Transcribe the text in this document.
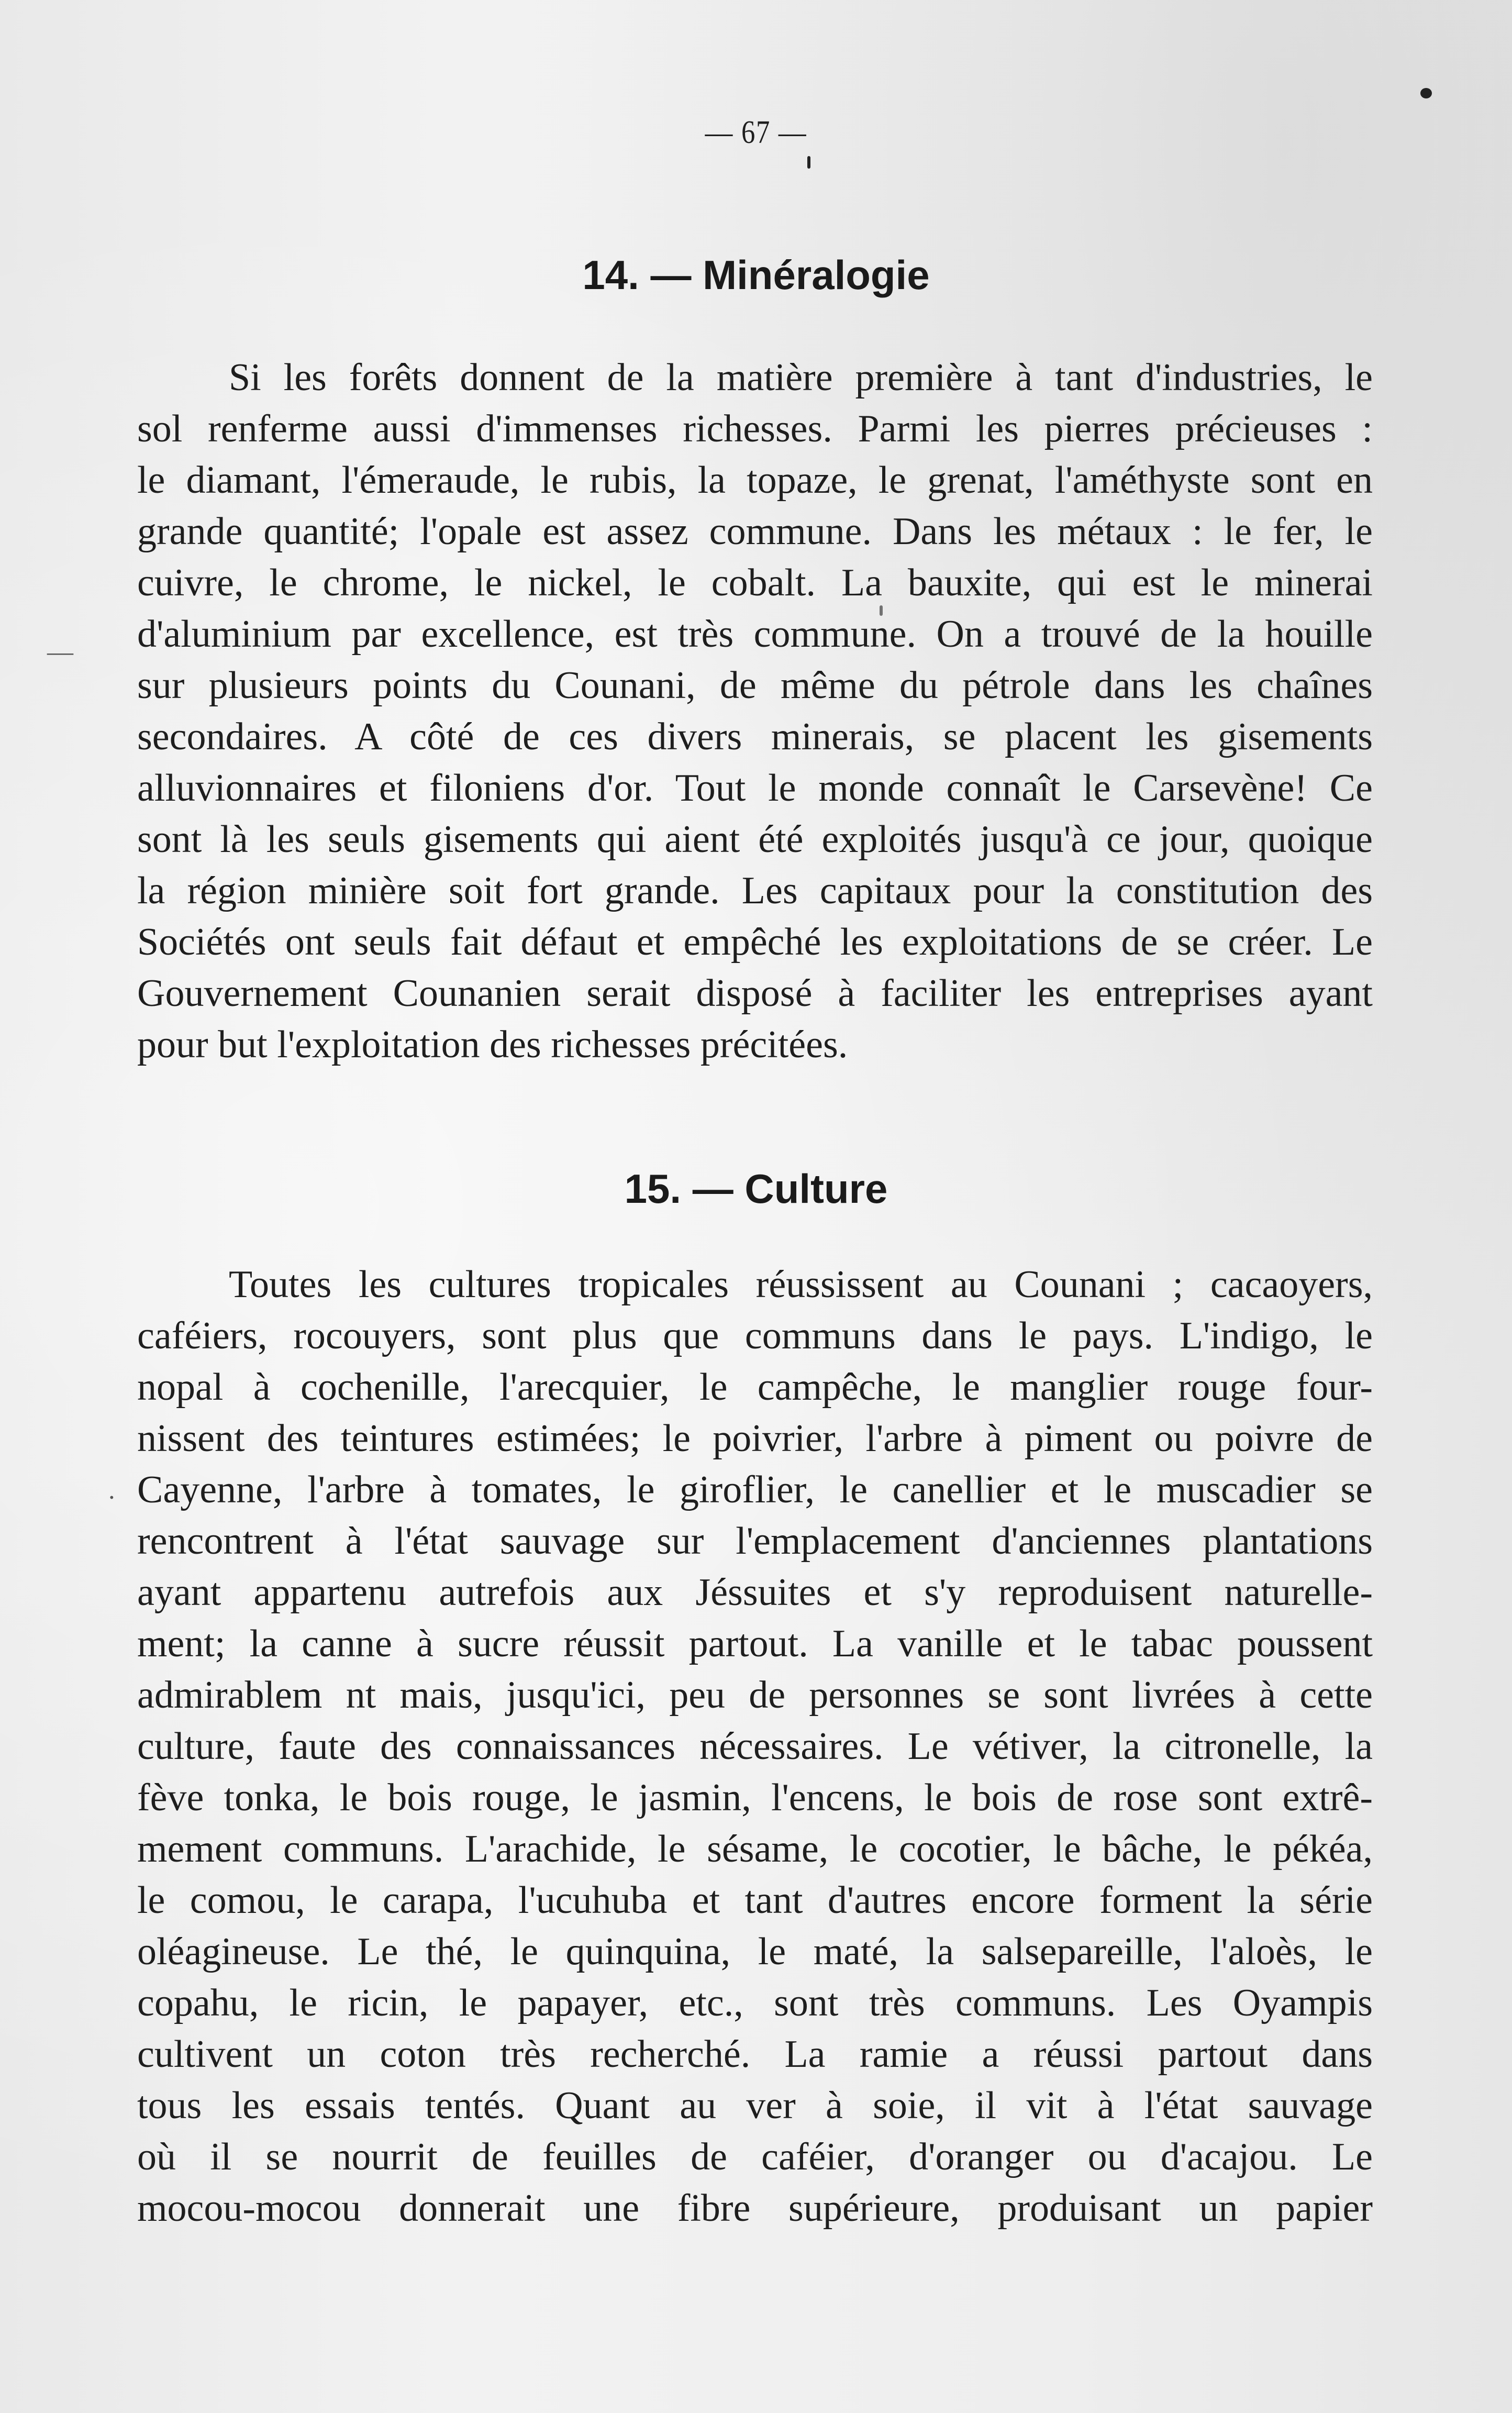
—
·
— 67 —
14. — Minéralogie
Si les forêts donnent de la matière première à tant d'industries, le
sol renferme aussi d'immenses richesses. Parmi les pierres précieuses :
le diamant, l'émeraude, le rubis, la topaze, le grenat, l'améthyste sont en
grande quantité; l'opale est assez commune. Dans les métaux : le fer, le
cuivre, le chrome, le nickel, le cobalt. La bauxite, qui est le minerai
d'aluminium par excellence, est très commune. On a trouvé de la houille
sur plusieurs points du Counani, de même du pétrole dans les chaînes
secondaires. A côté de ces divers minerais, se placent les gisements
alluvionnaires et filoniens d'or. Tout le monde connaît le Carsevène! Ce
sont là les seuls gisements qui aient été exploités jusqu'à ce jour, quoique
la région minière soit fort grande. Les capitaux pour la constitution des
Sociétés ont seuls fait défaut et empêché les exploitations de se créer. Le
Gouvernement Counanien serait disposé à faciliter les entreprises ayant
pour but l'exploitation des richesses précitées.
15. — Culture
Toutes les cultures tropicales réussissent au Counani ; cacaoyers,
caféiers, rocouyers, sont plus que communs dans le pays. L'indigo, le
nopal à cochenille, l'arecquier, le campêche, le manglier rouge four-
nissent des teintures estimées; le poivrier, l'arbre à piment ou poivre de
Cayenne, l'arbre à tomates, le giroflier, le canellier et le muscadier se
rencontrent à l'état sauvage sur l'emplacement d'anciennes plantations
ayant appartenu autrefois aux Jéssuites et s'y reproduisent naturelle-
ment; la canne à sucre réussit partout. La vanille et le tabac poussent
admirablem nt mais, jusqu'ici, peu de personnes se sont livrées à cette
culture, faute des connaissances nécessaires. Le vétiver, la citronelle, la
fève tonka, le bois rouge, le jasmin, l'encens, le bois de rose sont extrê-
mement communs. L'arachide, le sésame, le cocotier, le bâche, le pékéa,
le comou, le carapa, l'ucuhuba et tant d'autres encore forment la série
oléagineuse. Le thé, le quinquina, le maté, la salsepareille, l'aloès, le
copahu, le ricin, le papayer, etc., sont très communs. Les Oyampis
cultivent un coton très recherché. La ramie a réussi partout dans
tous les essais tentés. Quant au ver à soie, il vit à l'état sauvage
où il se nourrit de feuilles de caféier, d'oranger ou d'acajou. Le
mocou-mocou donnerait une fibre supérieure, produisant un papier
